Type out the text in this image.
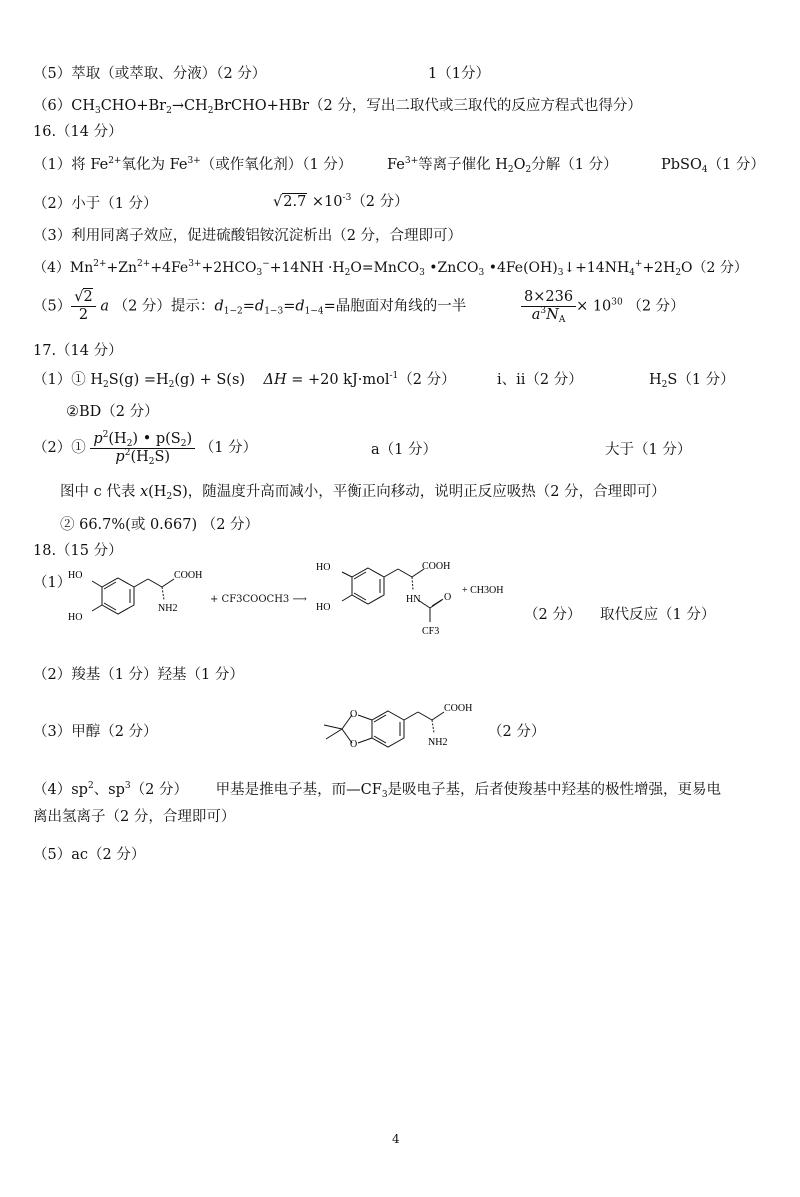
（5）萃取（或萃取、分液）（2 分）	1（1分）
$(6)CH_3CHO+Br_2\to CH_2BrCHO+HBr(2$ 分，写出二取代或三取代的反应方程式也得分）
16.（14 分）
（1）将 $Fe^{2+}$氧化为 $Fe^{3+}$（或作氧化剂）（1 分） $Fe^{3+}$等离子催化 $H_2O_2$分解（1 分）	PbSO$_4$（1 分）
（2）小于（1 分）	$√2.7 \times 10^{-3}(2$ 分）
（3）利用同离子效应，促进硫酸铝铵沉淀析出（2 分，合理即可）
$(4)Mn^{2+}+Zn^{2+}+4Fe^{3+}+2HCO_3^-+14NH$ $\cdot H_2O=MnCO_3$ •ZnCO$_3$ $•4Fe(OH)_3↓+14NH_4^++2H_2O(2$ 分）
$(5) \frac{√2}{2}$ a （2 分）提示：$d_{1-2}=d_{1-3}=d_{1-4}=$晶胞面对角线的一半	$\frac{8\times 236}{a^3N_A} \times 10^{30}$ （2 分）
17.（14 分）
（1）① $H_2S(g) =H_2(g) + S(s) \Delta H = +20$ kJ·mol$^{-1}$（2 分）	i、ii（2 分）	$H_2S(1$ 分）
②BD（2 分）
（2）① $\frac{p^2(H_2) • p(S_2)}{p^2(H_2S)} (1$ 分）	a（1 分）	大于（1 分）
图中 c 代表 $x(H_2S)$，随温度升高而减小，平衡正向移动，说明正反应吸热（2 分，合理即可）
② 66.7%(或 0.667) （2 分）
18.（15 分）
（1）
HO
HO
COOH
NH2
+ CF3COOCH3 ⟶
HO
HO
COOH
HN O
CF3
+ CH3OH
（2 分） 取代反应（1 分）
（2）羧基（1 分）羟基（1 分）
（3）甲醇（2 分）
O
O
COOH
NH2
（2 分）
$(4)sp^2$、$sp^3(2$ 分） 甲基是推电子基，而$—CF_3$是吸电子基，后者使羧基中羟基的极性增强，更易电
离出氢离子（2 分，合理即可）
（5）ac（2 分）
4
